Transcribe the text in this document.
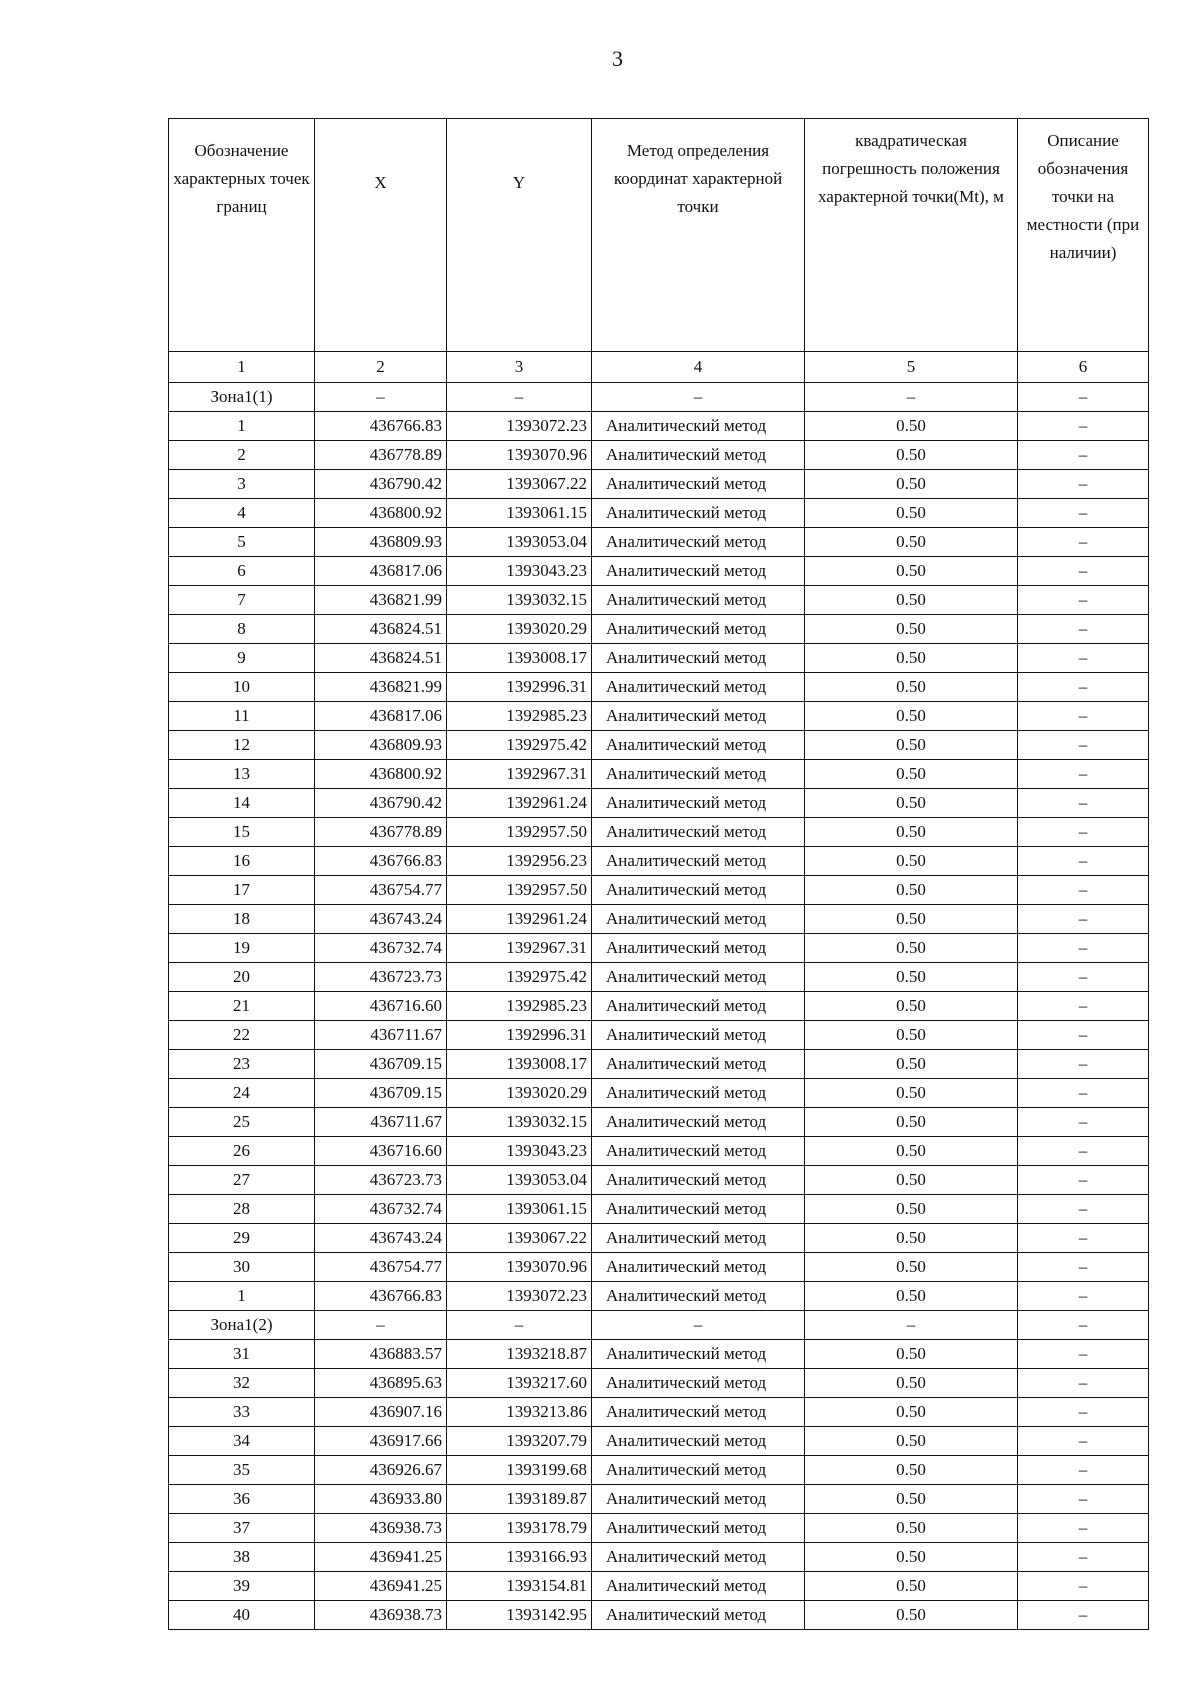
3
Обозначение характерных точек границ	X	Y	Метод определения координат характерной точки	квадратическая погрешность положения характерной точки(Mt), м	Описание обозначения точки на местности (при наличии)
1	2	3	4	5	6
Зона1(1)	–	–	–	–	–
1	436766.83	1393072.23	Аналитический метод	0.50	–
2	436778.89	1393070.96	Аналитический метод	0.50	–
3	436790.42	1393067.22	Аналитический метод	0.50	–
4	436800.92	1393061.15	Аналитический метод	0.50	–
5	436809.93	1393053.04	Аналитический метод	0.50	–
6	436817.06	1393043.23	Аналитический метод	0.50	–
7	436821.99	1393032.15	Аналитический метод	0.50	–
8	436824.51	1393020.29	Аналитический метод	0.50	–
9	436824.51	1393008.17	Аналитический метод	0.50	–
10	436821.99	1392996.31	Аналитический метод	0.50	–
11	436817.06	1392985.23	Аналитический метод	0.50	–
12	436809.93	1392975.42	Аналитический метод	0.50	–
13	436800.92	1392967.31	Аналитический метод	0.50	–
14	436790.42	1392961.24	Аналитический метод	0.50	–
15	436778.89	1392957.50	Аналитический метод	0.50	–
16	436766.83	1392956.23	Аналитический метод	0.50	–
17	436754.77	1392957.50	Аналитический метод	0.50	–
18	436743.24	1392961.24	Аналитический метод	0.50	–
19	436732.74	1392967.31	Аналитический метод	0.50	–
20	436723.73	1392975.42	Аналитический метод	0.50	–
21	436716.60	1392985.23	Аналитический метод	0.50	–
22	436711.67	1392996.31	Аналитический метод	0.50	–
23	436709.15	1393008.17	Аналитический метод	0.50	–
24	436709.15	1393020.29	Аналитический метод	0.50	–
25	436711.67	1393032.15	Аналитический метод	0.50	–
26	436716.60	1393043.23	Аналитический метод	0.50	–
27	436723.73	1393053.04	Аналитический метод	0.50	–
28	436732.74	1393061.15	Аналитический метод	0.50	–
29	436743.24	1393067.22	Аналитический метод	0.50	–
30	436754.77	1393070.96	Аналитический метод	0.50	–
1	436766.83	1393072.23	Аналитический метод	0.50	–
Зона1(2)	–	–	–	–	–
31	436883.57	1393218.87	Аналитический метод	0.50	–
32	436895.63	1393217.60	Аналитический метод	0.50	–
33	436907.16	1393213.86	Аналитический метод	0.50	–
34	436917.66	1393207.79	Аналитический метод	0.50	–
35	436926.67	1393199.68	Аналитический метод	0.50	–
36	436933.80	1393189.87	Аналитический метод	0.50	–
37	436938.73	1393178.79	Аналитический метод	0.50	–
38	436941.25	1393166.93	Аналитический метод	0.50	–
39	436941.25	1393154.81	Аналитический метод	0.50	–
40	436938.73	1393142.95	Аналитический метод	0.50	–
